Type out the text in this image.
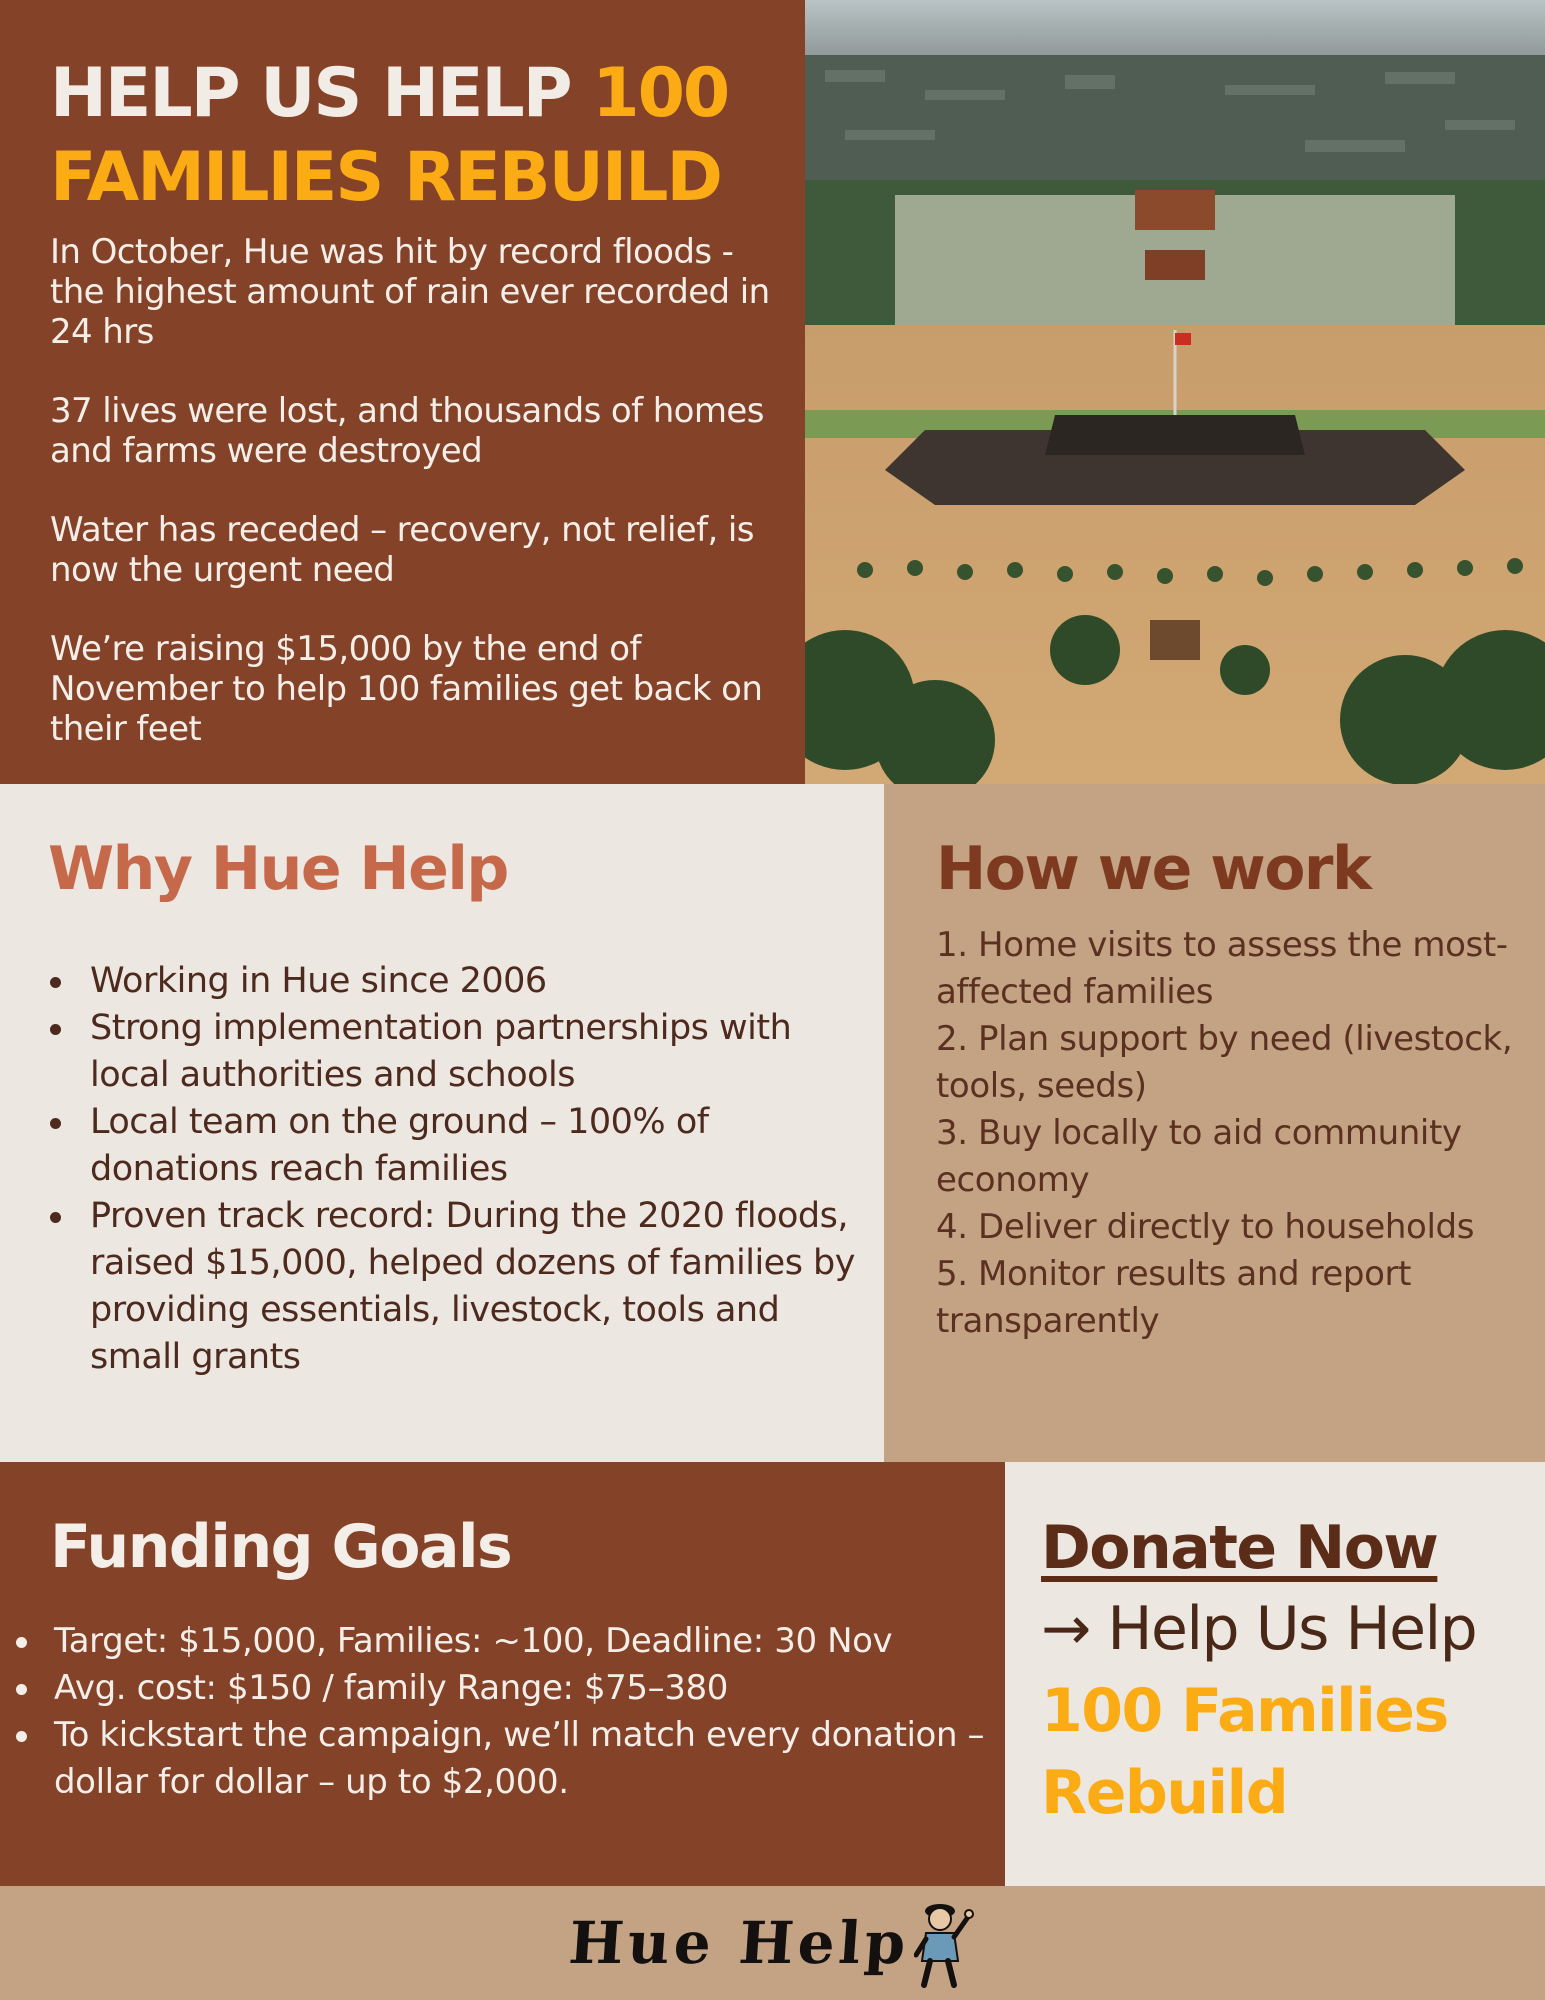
HELP US HELP 100
FAMILIES REBUILD

In October, Hue was hit by record floods - the highest amount of rain ever recorded in 24 hrs

37 lives were lost, and thousands of homes and farms were destroyed

Water has receded – recovery, not relief, is now the urgent need

We’re raising $15,000 by the end of November to help 100 families get back on their feet

Why Hue Help
Working in Hue since 2006
Strong implementation partnerships with local authorities and schools
Local team on the ground – 100% of donations reach families
Proven track record: During the 2020 floods, raised $15,000, helped dozens of families by providing essentials, livestock, tools and small grants
How we work
1. Home visits to assess the most-affected families
2. Plan support by need (livestock, tools, seeds)
3. Buy locally to aid community economy
4. Deliver directly to households
5. Monitor results and report transparently
Funding Goals
Target: $15,000, Families: ~100, Deadline: 30 Nov
Avg. cost: $150 / family Range: $75–380
To kickstart the campaign, we’ll match every donation – dollar for dollar – up to $2,000.
Donate Now
→ Help Us Help
100 Families
Rebuild
Hue Help
